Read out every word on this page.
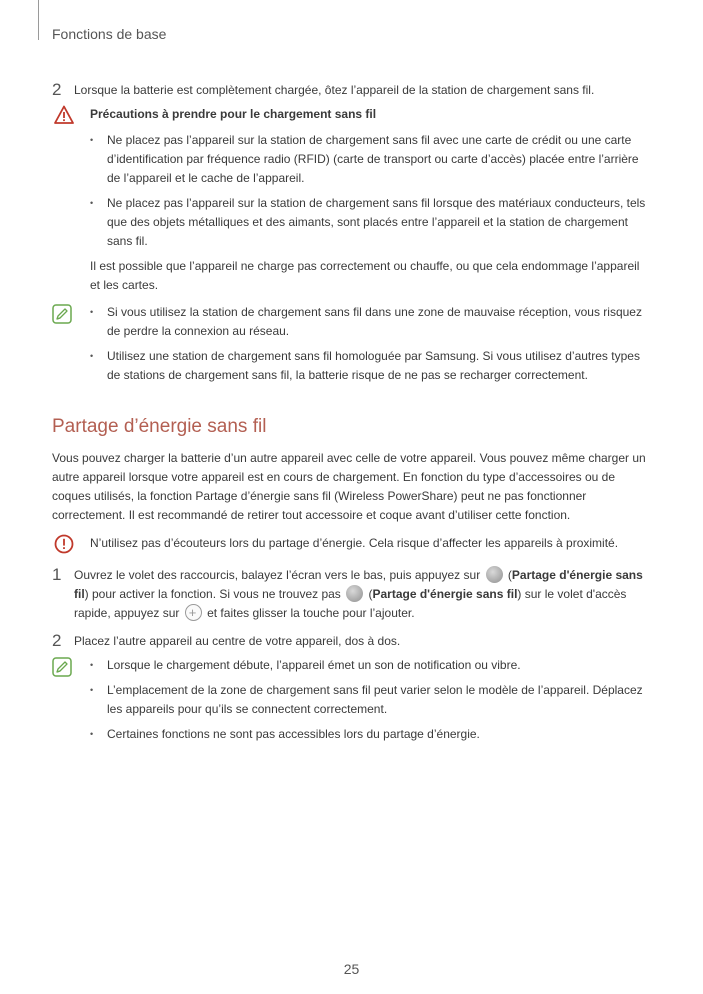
Fonctions de base
2 Lorsque la batterie est complètement chargée, ôtez l’appareil de la station de chargement sans fil.

Précautions à prendre pour le chargement sans fil

• Ne placez pas l’appareil sur la station de chargement sans fil avec une carte de crédit ou une carte d’identification par fréquence radio (RFID) (carte de transport ou carte d’accès) placée entre l’arrière de l’appareil et le cache de l’appareil.
• Ne placez pas l’appareil sur la station de chargement sans fil lorsque des matériaux conducteurs, tels que des objets métalliques et des aimants, sont placés entre l’appareil et la station de chargement sans fil.

Il est possible que l’appareil ne charge pas correctement ou chauffe, ou que cela endommage l’appareil et les cartes.

• Si vous utilisez la station de chargement sans fil dans une zone de mauvaise réception, vous risquez de perdre la connexion au réseau.
• Utilisez une station de chargement sans fil homologuée par Samsung. Si vous utilisez d’autres types de stations de chargement sans fil, la batterie risque de ne pas se recharger correctement.
Partage d’énergie sans fil

Vous pouvez charger la batterie d’un autre appareil avec celle de votre appareil. Vous pouvez même charger un autre appareil lorsque votre appareil est en cours de chargement. En fonction du type d’accessoires ou de coques utilisés, la fonction Partage d’énergie sans fil (Wireless PowerShare) peut ne pas fonctionner correctement. Il est recommandé de retirer tout accessoire et coque avant d’utiliser cette fonction.

N’utilisez pas d’écouteurs lors du partage d’énergie. Cela risque d’affecter les appareils à proximité.

1 Ouvrez le volet des raccourcis, balayez l’écran vers le bas, puis appuyez sur (Partage d'énergie sans fil) pour activer la fonction. Si vous ne trouvez pas (Partage d'énergie sans fil) sur le volet d'accès rapide, appuyez sur + et faites glisser la touche pour l’ajouter.

2 Placez l’autre appareil au centre de votre appareil, dos à dos.

• Lorsque le chargement débute, l’appareil émet un son de notification ou vibre.
• L’emplacement de la zone de chargement sans fil peut varier selon le modèle de l’appareil. Déplacez les appareils pour qu’ils se connectent correctement.
• Certaines fonctions ne sont pas accessibles lors du partage d’énergie.
25
